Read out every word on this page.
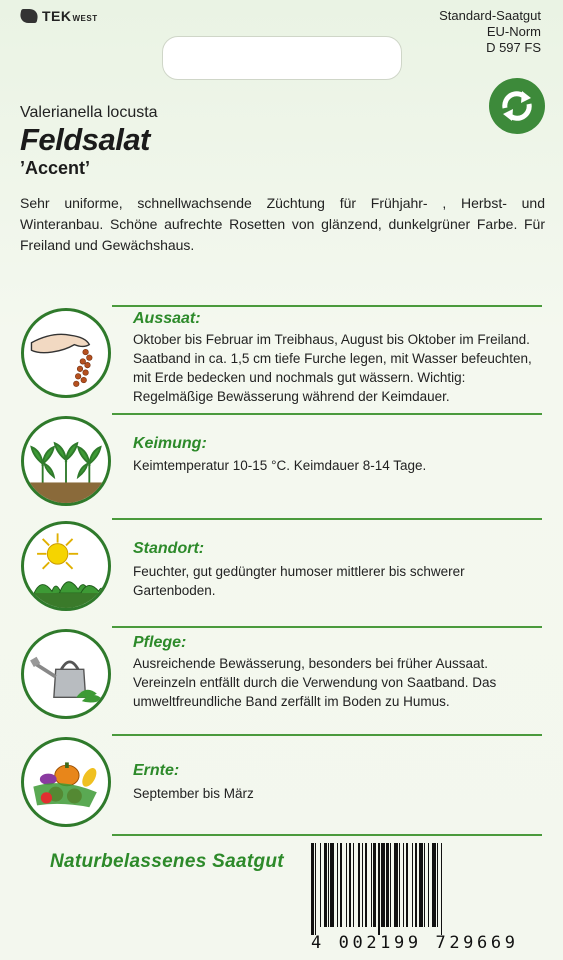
TEKWEST	Standard-Saatgut
EU-Norm
D 597 FS
Valerianella locusta
Feldsalat
’Accent’
Sehr uniforme, schnellwachsende Züchtung für Frühjahr- , Herbst- und Winteranbau. Schöne aufrechte Rosetten von glänzend, dunkelgrüner Farbe. Für Freiland und Gewächshaus.
Aussaat:
Oktober bis Februar im Treibhaus, August bis Oktober im Freiland. Saatband in ca. 1,5 cm tiefe Furche legen, mit Wasser befeuchten, mit Erde bedecken und nochmals gut wässern. Wichtig: Regelmäßige Bewässerung während der Keimdauer.
Keimung:
Keimtemperatur 10-15 °C. Keimdauer 8-14 Tage.
Standort:
Feuchter, gut gedüngter humoser mittlerer bis schwerer Gartenboden.
Pflege:
Ausreichende Bewässerung, besonders bei früher Aussaat. Vereinzeln entfällt durch die Verwendung von Saatband. Das umweltfreundliche Band zerfällt im Boden zu Humus.
Ernte:
September bis März
Naturbelassenes Saatgut
4 002199 729669
